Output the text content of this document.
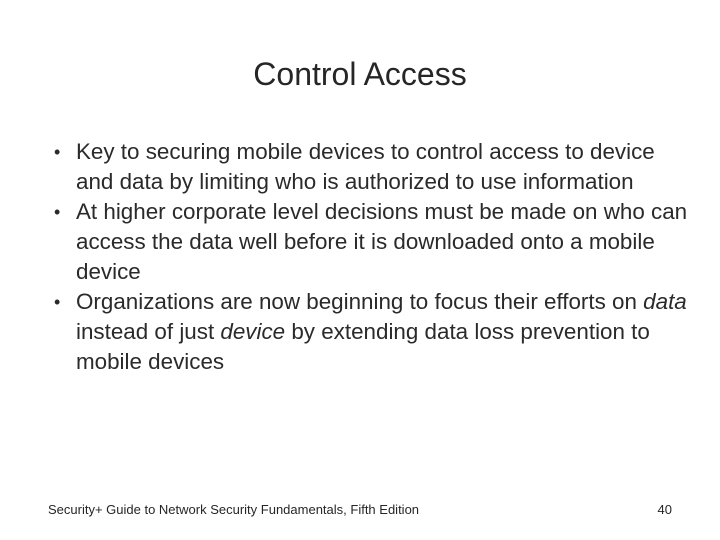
Control Access
• Key to securing mobile devices to control access to device and data by limiting who is authorized to use information
• At higher corporate level decisions must be made on who can access the data well before it is downloaded onto a mobile device
• Organizations are now beginning to focus their efforts on data instead of just device by extending data loss prevention to mobile devices
Security+ Guide to Network Security Fundamentals, Fifth Edition	40
